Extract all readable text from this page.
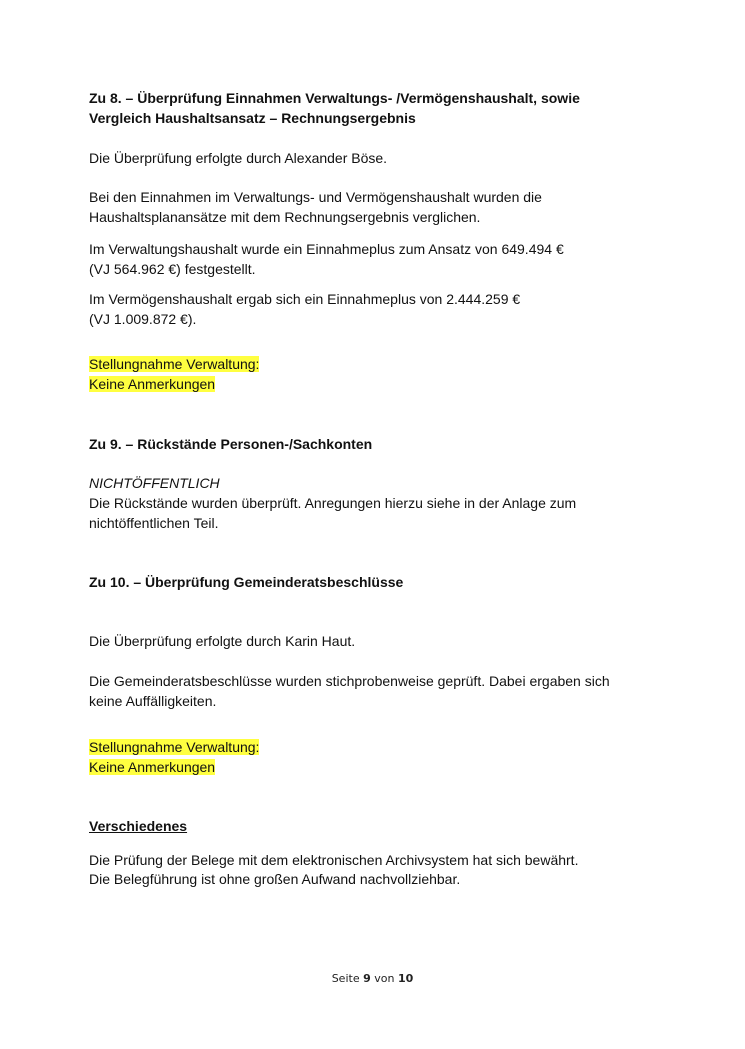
Zu 8. – Überprüfung Einnahmen Verwaltungs- /Vermögenshaushalt, sowie
Vergleich Haushaltsansatz – Rechnungsergebnis
Die Überprüfung erfolgte durch Alexander Böse.
Bei den Einnahmen im Verwaltungs- und Vermögenshaushalt wurden die
Haushaltsplanansätze mit dem Rechnungsergebnis verglichen.
Im Verwaltungshaushalt wurde ein Einnahmeplus zum Ansatz von 649.494 €
(VJ 564.962 €) festgestellt.
Im Vermögenshaushalt ergab sich ein Einnahmeplus von 2.444.259 €
(VJ 1.009.872 €).
Stellungnahme Verwaltung:
Keine Anmerkungen
Zu 9. – Rückstände Personen-/Sachkonten
NICHTÖFFENTLICH
Die Rückstände wurden überprüft. Anregungen hierzu siehe in der Anlage zum
nichtöffentlichen Teil.
Zu 10. – Überprüfung Gemeinderatsbeschlüsse
Die Überprüfung erfolgte durch Karin Haut.
Die Gemeinderatsbeschlüsse wurden stichprobenweise geprüft. Dabei ergaben sich
keine Auffälligkeiten.
Stellungnahme Verwaltung:
Keine Anmerkungen
Verschiedenes
Die Prüfung der Belege mit dem elektronischen Archivsystem hat sich bewährt.
Die Belegführung ist ohne großen Aufwand nachvollziehbar.
Seite 9 von 10
